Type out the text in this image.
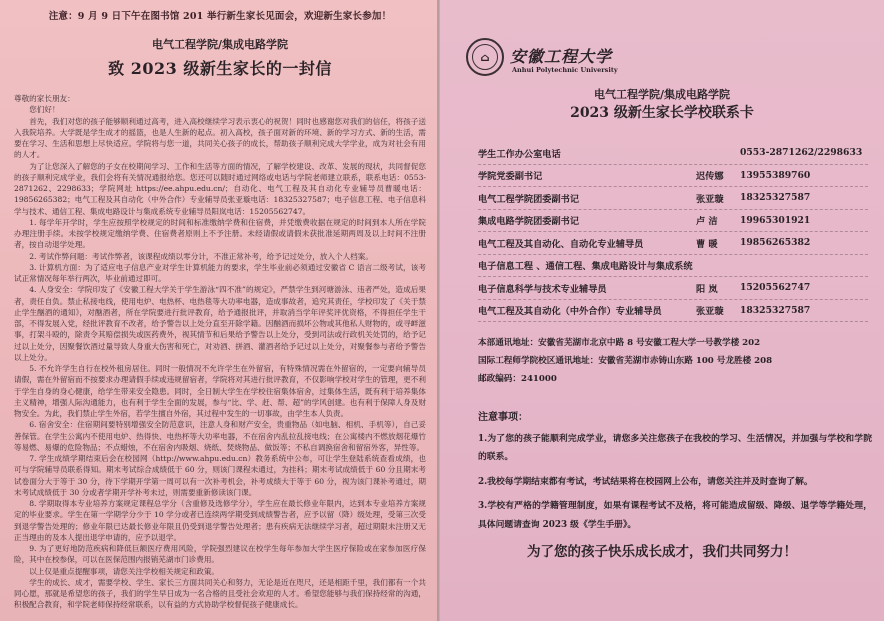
注意：9 月 9 日下午在图书馆 201 举行新生家长见面会，欢迎新生家长参加！
电气工程学院/集成电路学院
致 2023 级新生家长的一封信

尊敬的家长朋友：

您们好！

首先，我们对您的孩子能够顺利通过高考，进入高校继续学习表示衷心的祝贺！同时也感谢您对我们的信任，将孩子送入我院培养。大学既是学生成才的摇篮，也是人生新的起点。初入高校，孩子面对新的环境、新的学习方式、新的生活，需要在学习、生活和思想上尽快适应。学院将与您一道，共同关心孩子的成长，帮助孩子顺利完成大学学业，成为对社会有用的人才。

为了让您深入了解您的子女在校期间学习、工作和生活等方面的情况，了解学校建设、改革、发展的现状，共同督促您的孩子顺利完成学业，我们会将有关情况通报给您。您还可以随时通过网络或电话与学院老师建立联系，联系电话：0553-2871262、2298633；学院网址 https://ee.ahpu.edu.cn/；自动化、电气工程及其自动化专业辅导员曹暖电话：19856265382；电气工程及其自动化（中外合作）专业辅导员张亚璇电话：18325327587；电子信息工程、电子信息科学与技术、通信工程、集成电路设计与集成系统专业辅导员阳岚电话：15205562747。

1. 每学年开学时，学生应按照学校规定的时间和标准缴纳学费和住宿费，并凭缴费收据在规定的时间到本人所在学院办理注册手续。未按学校规定缴纳学费、住宿费者原则上不予注册。未经请假或请假未获批准延期两周及以上时间不注册者，按自动退学处理。

2. 考试作弊问题：考试作弊者，该课程成绩以零分计，不准正常补考，给予记过处分，放入个人档案。

3. 计算机方面：为了适应电子信息产业对学生计算机能力的要求，学生毕业前必须通过安徽省 C 语言二级考试，该考试正常情况每年举行两次，毕业前通过即可。

4. 人身安全：学院印发了《安徽工程大学关于学生游泳“四不准”的规定》，严禁学生到河塘游泳、违者严处，造成后果者，责任自负。禁止私接电线，使用电炉、电热杯、电热毯等大功率电器，造成事故者，追究其责任，学校印发了《关于禁止学生酗酒的通知》，对酗酒者，所在学院要进行批评教育，给予通报批评，并取消当学年评奖评优资格，不得担任学生干部，不得发展入党，经批评教育不改者，给予警告以上处分直至开除学籍。因酗酒而损坏公物或其他私人财物的，或寻衅滋事，打架斗殴的，除责令其赔偿损失或医药费外，视其情节和后果给予警告以上处分，受到司法或行政机关处罚的，给予记过以上处分，因聚餐饮酒过量导致人身重大伤害和死亡，对劝酒、拼酒、灌酒者给予记过以上处分，对聚餐参与者给予警告以上处分。

5. 不允许学生自行在校外租房居住。同时一般情况不允许学生在外留宿，有特殊情况需在外留宿的，一定要向辅导员请假，需在外留宿而不按要求办理请假手续或违规留宿者，学院将对其进行批评教育，不仅影响学校对学生的管理，更不利于学生自身的身心健康，给学生带来安全隐患。同时，全日制大学生在学校住宿集体宿舍，过集体生活，既有利于培养集体主义精神，增强人际沟通能力，也有利于学生全面的发展，参与“比、学、赶、帮、超”的学风创建。也有利于保障人身及财物安全。为此，我们禁止学生外宿，若学生擅自外宿，其过程中发生的一切事故，由学生本人负责。

6. 宿舍安全：住宿期间要特别增强安全防范意识，注意人身和财产安全，贵重物品（如电脑、相机、手机等），自己妥善保管。在学生公寓内不使用电炉、热得快、电热杯等大功率电器，不在宿舍内乱拉乱接电线；在公寓楼内不燃放烟花爆竹等易燃、易爆的危险物品；不点蜡烛，不在宿舍内吸烟、烧纸、焚烧物品、做饭等；不私自调换宿舍和留宿外客，异性等。

7. 学生成绩学期结束后会在校园网（http://www.ahpu.edu.cn）教务系统中公布，可让学生登陆系统查看成绩，也可与学院辅导员联系得知。期末考试综合成绩低于 60 分，则该门课程未通过，为挂科；期末考试成绩低于 60 分且期末考试卷面分大于等于 30 分，待下学期开学第一周可以有一次补考机会，补考成绩大于等于 60 分，视为该门课补考通过，期末考试成绩低于 30 分或者学期开学补考未过，则需要重新修读该门课。

8. 学期取得本专业培养方案规定课程总学分（含重修及选修学分），学生应在最长修业年限内，达到本专业培养方案规定的毕业要求。学生在第一学期学分少于 10 学分或者已连续两学期受到成绩警告者，应予以留（降）级处理，受第三次受到退学警告处理的；修业年限已达最长修业年限且仍受到退学警告处理者；患有疾病无法继续学习者，超过期限未注册又无正当理由的及本人提出退学申请的，应予以退学。

9. 为了更好地防范疾病和降低巨额医疗费用风险，学院强烈建议在校学生每年参加大学生医疗保险或在家参加医疗保险，其中在校参保，可以在医保范围内报销芜湖市门诊费用。

以上仅是重点提醒事项，请您关注学校相关规定和政策。

学生的成长、成才，需要学校、学生、家长三方面共同关心和努力，无论是近在咫尺，还是相距千里，我们都有一个共同心愿，那就是希望您的孩子，我们的学生早日成为一名合格的且受社会欢迎的人才。希望您能够与我们保持经常的沟通，积极配合教育，和学院老师保持经常联系，以有益的方式协助学校督促孩子健康成长。

⌂	安徽工程大学
Anhui Polytechnic University
电气工程学院/集成电路学院
2023 级新生家长学校联系卡
学生工作办公室电话	0553-2871262/2298633
学院党委副书记	迟传娜	13955389760
电气工程学院团委副书记	张亚璇	18325327587
集成电路学院团委副书记	卢 洁	19965301921
电气工程及其自动化、自动化专业辅导员	曹 暖	19856265382
电子信息工程 、通信工程、集成电路设计与集成系统
电子信息科学与技术专业辅导员	阳 岚	15205562747
电气工程及其自动化（中外合作）专业辅导员	张亚璇	18325327587
本部通讯地址：安徽省芜湖市北京中路 8 号安徽工程大学一号教学楼 202
国际工程师学院校区通讯地址：安徽省芜湖市赤铸山东路 100 号龙胜楼 208
邮政编码：241000
注意事项：

1.为了您的孩子能顺利完成学业，请您多关注您孩子在我校的学习、生活情况，并加强与学校和学院的联系。

2.我校每学期结束都有考试，考试结果将在校园网上公布，请您关注并及时查询了解。

3.学校有严格的学籍管理制度，如果有课程考试不及格，将可能造成留级、降级、退学等学籍处理，具体问题请查询 2023 级《学生手册》。

为了您的孩子快乐成长成才，我们共同努力！
